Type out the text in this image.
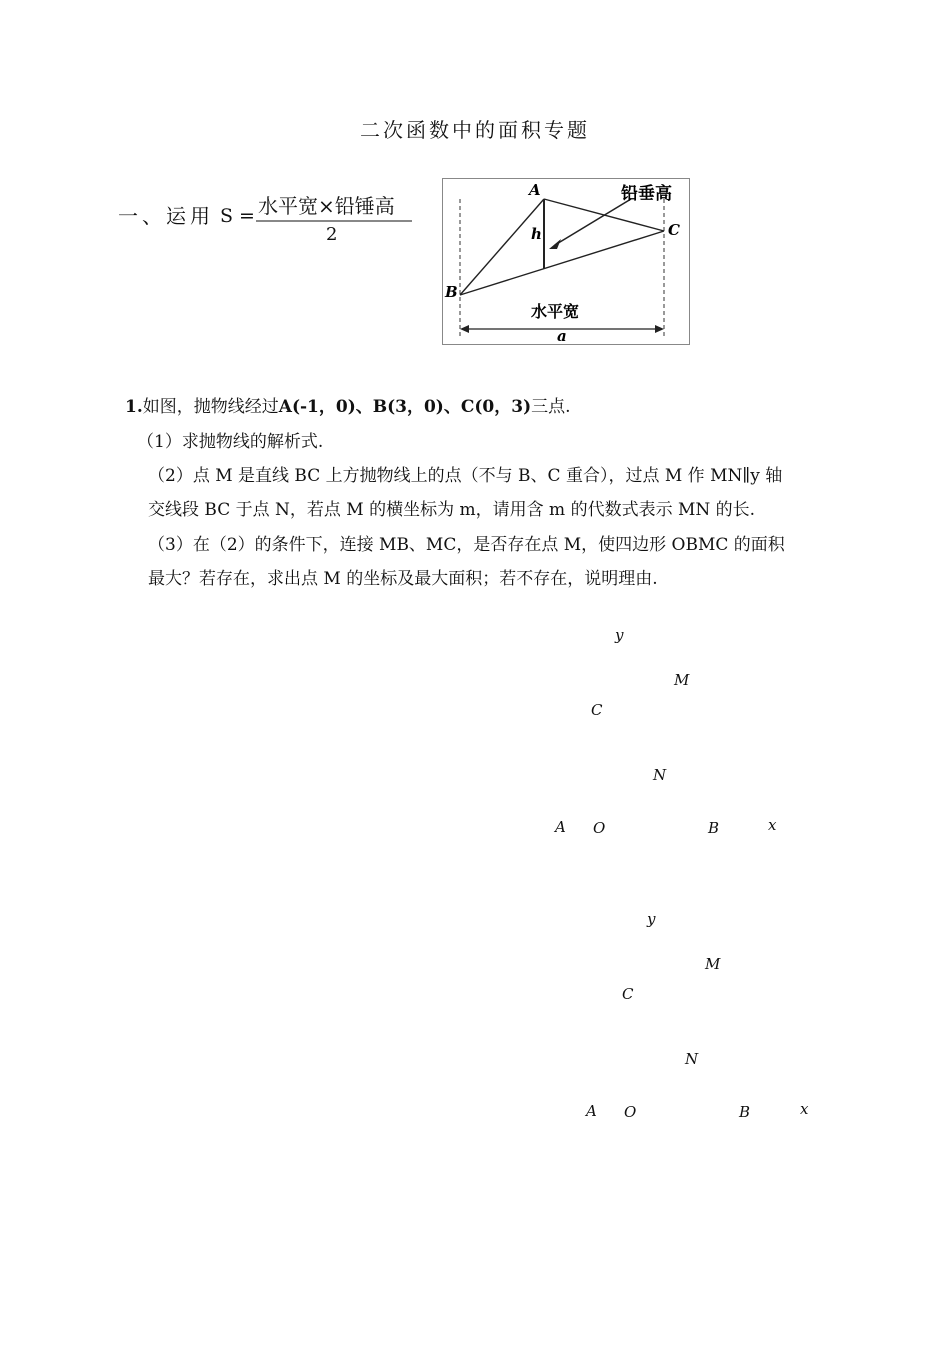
二次函数中的面积专题
一、运用 S = 水平宽×铅锤高
2
A
B
C
h
a
铅垂高
水平宽
1.如图，抛物线经过A(-1，0)、B(3，0)、C(0，3)三点.
（1）求抛物线的解析式.
（2）点 M 是直线 BC 上方抛物线上的点（不与 B、C 重合），过点 M 作 MN∥y 轴
交线段 BC 于点 N，若点 M 的横坐标为 m，请用含 m 的代数式表示 MN 的长.
（3）在（2）的条件下，连接 MB、MC，是否存在点 M，使四边形 OBMC 的面积
最大？若存在，求出点 M 的坐标及最大面积；若不存在，说明理由.
y
M
C
N
A O	B	x
y
M
C
N
A O	B	x
